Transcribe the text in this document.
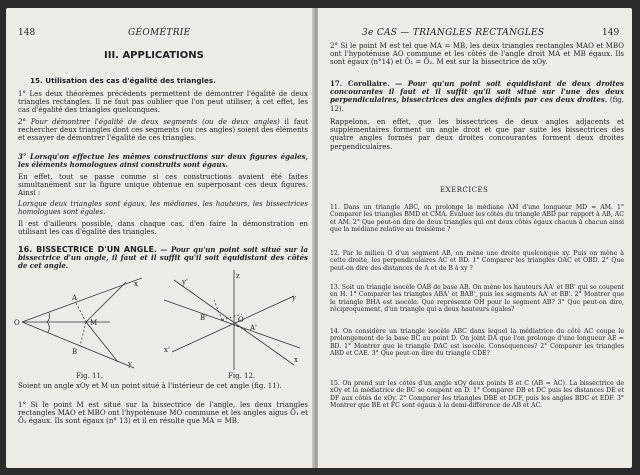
148	GÉOMÉTRIE
III. APPLICATIONS
15. Utilisation des cas d'égalité des triangles.

1° Les deux théorèmes précédents permettent de démontrer l'égalité de deux triangles rectangles. Il ne faut pas oublier que l'on peut utiliser, à cet effet, les cas d'égalité des triangles quelconques.

2° Pour démontrer l'égalité de deux segments (ou de deux angles) il faut rechercher deux triangles dont ces segments (ou ces angles) soient des éléments et essayer de démontrer l'égalité de ces triangles.

3° Lorsqu'on effectue les mêmes constructions sur deux figures égales, les éléments homologues ainsi construits sont égaux.

En effet, tout se passe comme si ces constructions avaient été faites simultanément sur la figure unique obtenue en superposant ces deux figures. Ainsi :

Lorsque deux triangles sont égaux, les médianes, les hauteurs, les bissectrices homologues sont égales.

Il est d'ailleurs possible, dans chaque cas, d'en faire la démonstration en utilisant les cas d'égalité des triangles.

16. BISSECTRICE D'UN ANGLE. — Pour qu'un point soit situé sur la bissectrice d'un angle, il faut et il suffit qu'il soit équidistant des côtés de cet angle.

x
y
O
A
M
B
Fig. 11.
y'
z
y
B'	O
A'
x'
x
Fig. 12.

Soient un angle xOy et M un point situé à l'intérieur de cet angle (fig. 11).

1° Si le point M est situé sur la bissectrice de l'angle, les deux triangles rectangles MAO et MBO ont l'hypoténuse MO commune et les angles aigus Ô₁ et Ô₂ égaux. Ils sont égaux (n° 13) et il en résulte que MA = MB.

3e CAS — TRIANGLES RECTANGLES	149

2° Si le point M est tel que MA = MB, les deux triangles rectangles MAO et MBO ont l'hypoténuse AO commune et les côtés de l'angle droit MA et MB égaux. Ils sont égaux (n°14) et Ô₁ = Ô₂. M est sur la bissectrice de xOy.

17. Corollaire. — Pour qu'un point soit équidistant de deux droites concourantes il faut et il suffit qu'il soit situé sur l'une des deux perpendiculaires, bissectrices des angles définis par ces deux droites. (fig. 12).

Rappelons, en effet, que les bissectrices de deux angles adjacents et supplémentaires forment un angle droit et que par suite les bissectrices des quatre angles formés par deux droites concourantes forment deux droites perpendiculaires.

EXERCICES

11. Dans un triangle ABC, on prolonge la médiane AM d'une longueur MD = AM. 1° Comparer les triangles BMD et CMA. Évaluer les côtés du triangle ABD par rapport à AB, AC et AM. 2° Que peut-on dire de deux triangles qui ont deux côtés égaux chacun à chacun ainsi que la médiane relative au troisième ?

12. Par le milieu O d'un segment AB, on mène une droite quelconque xy. Puis on mène à cette droite, les perpendiculaires AC et BD. 1° Comparer les triangles OAC et OBD. 2° Que peut-on dire des distances de A et de B à xy ?

13. Soit un triangle isocèle OAB de base AB. On mène les hauteurs AA' et BB' qui se coupent en H. 1° Comparer les triangles ABA' et BAB', puis les segments AA' et BB'. 2° Montrer que le triangle BHA est isocèle. Que représente OH pour le segment AB? 3° Que peut-on dire, réciproquement, d'un triangle qui a deux hauteurs égales?

14. On considère un triangle isocèle ABC dans lequel la médiatrice du côté AC coupe le prolongement de la base BC au point D. On joint DA que l'on prolonge d'une longueur AE = BD. 1° Montrer que le triangle DAC est isocèle. Conséquences? 2° Comparer les triangles ABD et CAE. 3° Que peut-on dire du triangle CDE?

15. On prend sur les côtés d'un angle xOy deux points B et C (AB = AC). La bissectrice de xOy et la médiatrice de BC se coupent en D. 1° Comparer DB et DC puis les distances DE et DF aux côtés de xOy. 2° Comparer les triangles DBE et DCF, puis les angles BDC et EDF. 3° Montrer que BE et FC sont égaux à la demi-différence de AB et AC.
